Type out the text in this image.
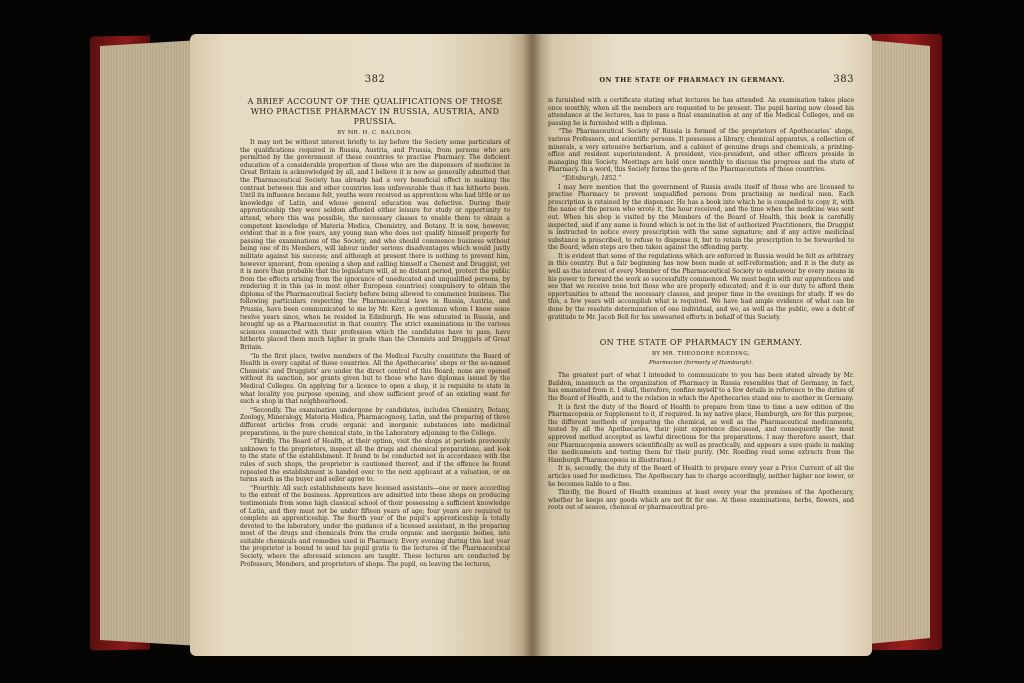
382
A BRIEF ACCOUNT OF THE QUALIFICATIONS OF THOSE WHO PRACTISE PHARMACY IN RUSSIA, AUSTRIA, AND PRUSSIA.
BY MR. H. C. BAILDON.

It may not be without interest briefly to lay before the Society some particulars of the qualifications required in Russia, Austria, and Prussia, from persons who are permitted by the government of these countries to practise Pharmacy. The deficient education of a considerable proportion of those who are the dispensers of medicine in Great Britain is acknowledged by all, and I believe it is now as generally admitted that the Pharmaceutical Society has already had a very beneficial effect in making the contrast between this and other countries less unfavourable than it has hitherto been. Until its influence became felt, youths were received as apprentices who had little or no knowledge of Latin, and whose general education was defective. During their apprenticeship they were seldom afforded either leisure for study or opportunity to attend, where this was possible, the necessary classes to enable them to obtain a competent knowledge of Materia Medica, Chemistry, and Botany. It is now, however, evident that in a few years, any young man who does not qualify himself properly for passing the examinations of the Society, and who should commence business without being one of its Members, will labour under serious disadvantages which would justly militate against his success; and although at present there is nothing to prevent him, however ignorant, from opening a shop and calling himself a Chemist and Druggist, yet it is more than probable that the legislature will, at no distant period, protect the public from the effects arising from the ignorance of uneducated and unqualified persons, by rendering it in this (as in most other European countries) compulsory to obtain the diploma of the Pharmaceutical Society before being allowed to commence business. The following particulars respecting the Pharmaceutical laws in Russia, Austria, and Prussia, have been communicated to me by Mr. Kerr, a gentleman whom I knew some twelve years since, when he resided in Edinburgh. He was educated in Russia, and brought up as a Pharmaceutist in that country. The strict examinations in the various sciences connected with their profession which the candidates have to pass, have hitherto placed them much higher in grade than the Chemists and Druggists of Great Britain.

“In the first place, twelve members of the Medical Faculty constitute the Board of Health in every capital of these countries. All the Apothecaries’ shops or the so-named Chemists’ and Druggists’ are under the direct control of this Board; none are opened without its sanction, nor grants given but to those who have diplomas issued by the Medical Colleges. On applying for a licence to open a shop, it is requisite to state in what locality you purpose opening, and show sufficient proof of an existing want for such a shop in that neighbourhood.

“Secondly. The examination undergone by candidates, includes Chemistry, Botany, Zoology, Mineralogy, Materia Medica, Pharmacognosy, Latin, and the preparing of three different articles from crude organic and inorganic substances into medicinal preparations, in the pure chemical state, in the Laboratory adjoining to the College.

“Thirdly. The Board of Health, at their option, visit the shops at periods previously unknown to the proprietors, inspect all the drugs and chemical preparations, and look to the state of the establishment. If found to be conducted not in accordance with the rules of such shops, the proprietor is cautioned thereof, and if the offence be found repeated the establishment is handed over to the next applicant at a valuation, or on terms such as the buyer and seller agree to.

“Fourthly. All such establishments have licensed assistants—one or more according to the extent of the business. Apprentices are admitted into these shops on producing testimonials from some high classical school of their possessing a sufficient knowledge of Latin, and they must not be under fifteen years of age; four years are required to complete an apprenticeship. The fourth year of the pupil’s apprenticeship is totally devoted to the laboratory, under the guidance of a licensed assistant, in the preparing most of the drugs and chemicals from the crude organic and inorganic bodies, into suitable chemicals and remedies used in Pharmacy. Every evening during this last year the proprietor is bound to send his pupil gratis to the lectures of the Pharmaceutical Society, where the aforesaid sciences are taught. These lectures are conducted by Professors, Members, and proprietors of shops. The pupil, on leaving the lectures,

ON THE STATE OF PHARMACY IN GERMANY.	383

is furnished with a certificate stating what lectures he has attended. An examination takes place once monthly, when all the members are requested to be present. The pupil having now closed his attendance at the lectures, has to pass a final examination at any of the Medical Colleges, and on passing he is furnished with a diploma.

“The Pharmaceutical Society of Russia is formed of the proprietors of Apothecaries’ shops, various Professors, and scientific persons. It possesses a library, chemical apparatus, a collection of minerals, a very extensive herbarium, and a cabinet of genuine drugs and chemicals, a printing-office and resident superintendent. A president, vice-president, and other officers preside in managing this Society. Meetings are held once monthly to discuss the progress and the state of Pharmacy. In a word, this Society forms the germ of the Pharmaceutists of these countries.

“Edinburgh, 1852.”

I may here mention that the government of Russia avails itself of those who are licensed to practise Pharmacy to prevent unqualified persons from practising as medical men. Each prescription is retained by the dispenser. He has a book into which he is compelled to copy it, with the name of the person who wrote it, the hour received, and the time when the medicine was sent out. When his shop is visited by the Members of the Board of Health, this book is carefully inspected, and if any name is found which is not in the list of authorized Practitioners, the Druggist is instructed to notice every prescription with the same signature; and if any active medicinal substance is prescribed, to refuse to dispense it, but to retain the prescription to be forwarded to the Board, when steps are then taken against the offending party.

It is evident that some of the regulations which are enforced in Russia would be felt as arbitrary in this country. But a fair beginning has now been made at self-reformation; and it is the duty as well as the interest of every Member of the Pharmaceutical Society to endeavour by every means in his power to forward the work so successfully commenced. We must begin with our apprentices and see that we receive none but those who are properly educated; and it is our duty to afford them opportunities to attend the necessary classes, and proper time in the evenings for study. If we do this, a few years will accomplish what is required. We have had ample evidence of what can be done by the resolute determination of one individual, and we, as well as the public, owe a debt of gratitude to Mr. Jacob Bell for his unwearied efforts in behalf of this Society.

ON THE STATE OF PHARMACY IN GERMANY.
BY MR. THEODORE ROEDING,
Pharmacien (formerly of Hamburgh).

The greatest part of what I intended to communicate to you has been stated already by Mr. Baildon, inasmuch as the organization of Pharmacy in Russia resembles that of Germany, in fact, has emanated from it. I shall, therefore, confine myself to a few details in reference to the duties of the Board of Health, and to the relation in which the Apothecaries stand one to another in Germany.

It is first the duty of the Board of Health to prepare from time to time a new edition of the Pharmacopœia or Supplement to it, if required. In my native place, Hamburgh, are for this purpose, the different methods of preparing the chemical, as well as the Pharmaceutical medicaments, tested by all the Apothecaries, their joint experience discussed, and consequently the most approved method accepted as lawful directions for the preparations. I may therefore assert, that our Pharmacopœia answers scientifically as well as practically, and appears a sure guide in making the medicaments and testing them for their purity. (Mr. Roeding read some extracts from the Hamburgh Pharmacopœia in illustration.)

It is, secondly, the duty of the Board of Health to prepare every year a Price Current of all the articles used for medicines. The Apothecary has to charge accordingly, neither higher nor lower, or he becomes liable to a fine.

Thirdly, the Board of Health examines at least every year the premises of the Apothecary, whether he keeps any goods which are not fit for use. At these examinations, herbs, flowers, and roots out of season, chemical or pharmaceutical pre-
